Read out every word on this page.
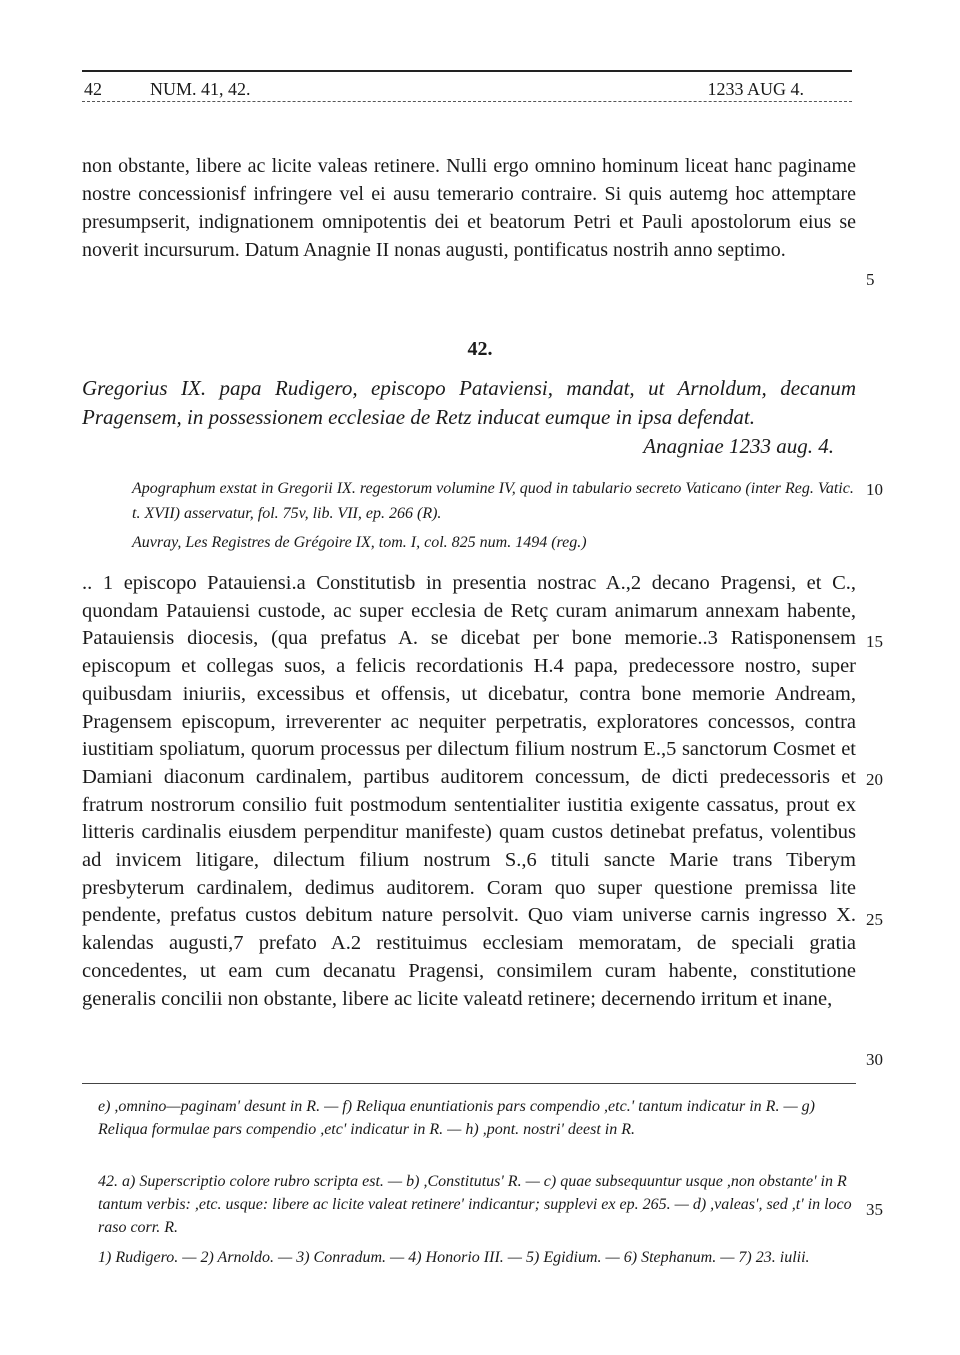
42	NUM. 41, 42.	1233 AUG 4.
non obstante, libere ac licite valeas retinere. Nulli ergo omnino hominum liceat hanc paginame nostre concessionisf infringere vel ei ausu temerario contraire. Si quis autemg hoc attemptare presumpserit, indignationem omnipotentis dei et beatorum Petri et Pauli apostolorum eius se noverit incursurum. Datum Anagnie II nonas augusti, pontificatus nostrih anno septimo.
5
42.
Gregorius IX. papa Rudigero, episcopo Pataviensi, mandat, ut Arnoldum, decanum Pragensem, in possessionem ecclesiae de Retz inducat eumque in ipsa defendat.
Anagniae 1233 aug. 4.
Apographum exstat in Gregorii IX. regestorum volumine IV, quod in tabulario secreto Vaticano (inter Reg. Vatic. t. XVII) asservatur, fol. 75v, lib. VII, ep. 266 (R).
10
Auvray, Les Registres de Grégoire IX, tom. I, col. 825 num. 1494 (reg.)
.. 1 episcopo Patauiensi.a Constitutisb in presentia nostrac A.,2 decano Pragensi, et C., quondam Patauiensi custode, ac super ecclesia de Retç curam animarum annexam habente, Patauiensis diocesis, (qua prefatus A. se dicebat per bone memorie..3 Ratisponensem episcopum et collegas suos, a felicis recordationis H.4 papa, predecessore nostro, super quibusdam iniuriis, excessibus et offensis, ut dicebatur, contra bone memorie Andream, Pragensem episcopum, irreverenter ac nequiter perpetratis, exploratores concessos, contra iustitiam spoliatum, quorum processus per dilectum filium nostrum E.,5 sanctorum Cosmet et Damiani diaconum cardinalem, partibus auditorem concessum, de dicti predecessoris et fratrum nostrorum consilio fuit postmodum sententialiter iustitia exigente cassatus, prout ex litteris cardinalis eiusdem perpenditur manifeste) quam custos detinebat prefatus, volentibus ad invicem litigare, dilectum filium nostrum S.,6 tituli sancte Marie trans Tiberym presbyterum cardinalem, dedimus auditorem. Coram quo super questione premissa lite pendente, prefatus custos debitum nature persolvit. Quo viam universe carnis ingresso X. kalendas augusti,7 prefato A.2 restituimus ecclesiam memoratam, de speciali gratia concedentes, ut eam cum decanatu Pragensi, consimilem curam habente, constitutione generalis concilii non obstante, libere ac licite valeatd retinere; decernendo irritum et inane,
15
20
25
30
e) ,omnino—paginam' desunt in R. — f) Reliqua enuntiationis pars compendio ,etc.' tantum indicatur in R. — g) Reliqua formulae pars compendio ,etc' indicatur in R. — h) ,pont. nostri' deest in R.
42. a) Superscriptio colore rubro scripta est. — b) ,Constitutus' R. — c) quae subsequuntur usque ,non obstante' in R tantum verbis: ,etc. usque: libere ac licite valeat retinere' indicantur; supplevi ex ep. 265. — d) ,valeas', sed ,t' in loco raso corr. R.
35
1) Rudigero. — 2) Arnoldo. — 3) Conradum. — 4) Honorio III. — 5) Egidium. — 6) Stephanum. — 7) 23. iulii.
